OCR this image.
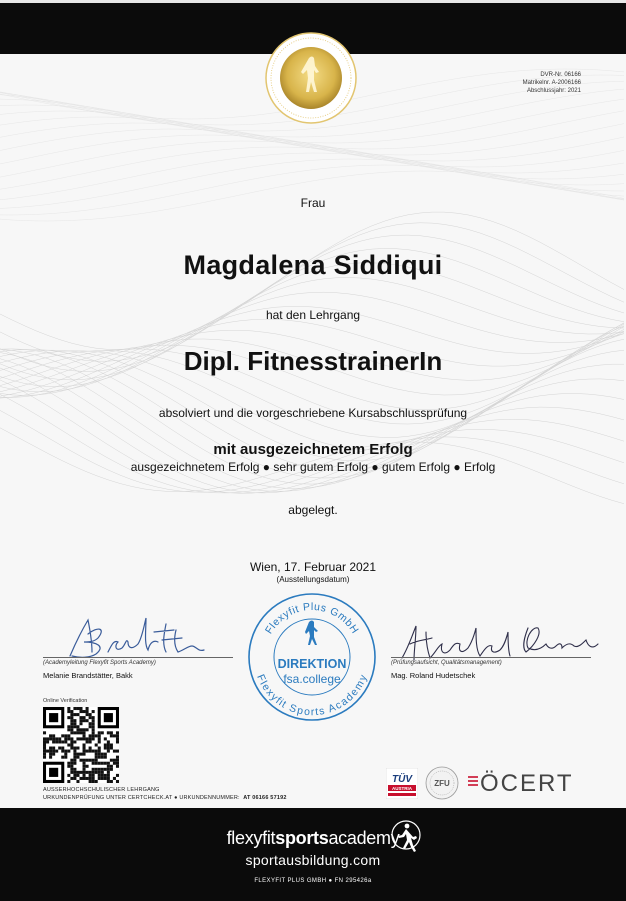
DVR-Nr. 06166
Matrikelnr. A-2006166
Abschlussjahr: 2021
Frau
Magdalena Siddiqui
hat den Lehrgang
Dipl. FitnesstrainerIn
absolviert und die vorgeschriebene Kursabschlussprüfung
mit ausgezeichnetem Erfolg
ausgezeichnetem Erfolg ● sehr gutem Erfolg ● gutem Erfolg ● Erfolg
abgelegt.
Wien, 17. Februar 2021
(Ausstellungsdatum)
(Academyleitung Flexyfit Sports Academy)
Melanie Brandstätter, Bakk
(Prüfungsaufsicht, Qualitätsmanagement)
Mag. Roland Hudetschek
Flexyfit Plus GmbH
Flexyfit Sports Academy
DIREKTION
fsa.college
Online Verification
AUSSERHOCHSCHULISCHER LEHRGANG
URKUNDENPRÜFUNG UNTER CERTCHECK.AT ● URKUNDENNUMMER: AT 06166 57192
TÜV
AUSTRIA
ZFU ÖCERT
flexyfitsportsacademy
sportausbildung.com
FLEXYFIT PLUS GMBH ● FN 295426a
